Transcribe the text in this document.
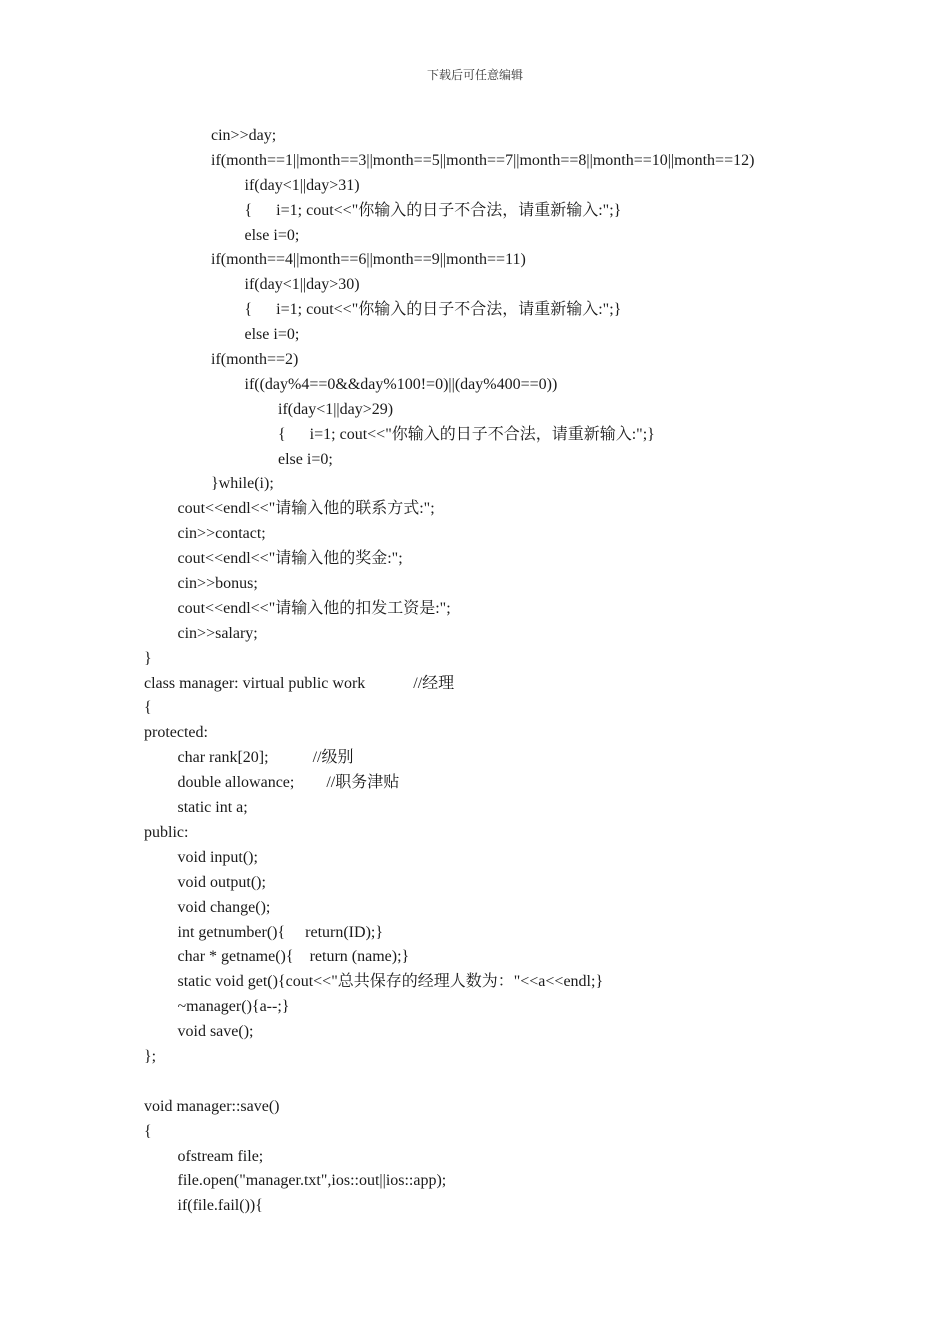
下载后可任意编辑
cin>>day;
if(month==1||month==3||month==5||month==7||month==8||month==10||month==12)
if(day<1||day>31)
{      i=1; cout<<"你输入的日子不合法，请重新输入:";}
else i=0;
if(month==4||month==6||month==9||month==11)
if(day<1||day>30)
{      i=1; cout<<"你输入的日子不合法，请重新输入:";}
else i=0;
if(month==2)
if((day%4==0&&day%100!=0)||(day%400==0))
if(day<1||day>29)
{      i=1; cout<<"你输入的日子不合法，请重新输入:";}
else i=0;
}while(i);
cout<<endl<<"请输入他的联系方式:";
cin>>contact;
cout<<endl<<"请输入他的奖金:";
cin>>bonus;
cout<<endl<<"请输入他的扣发工资是:";
cin>>salary;
}
class manager: virtual public work            //经理
{
protected:
char rank[20];           //级别
double allowance;        //职务津贴
static int a;
public:
void input();
void output();
void change();
int getnumber(){     return(ID);}
char * getname(){    return (name);}
static void get(){cout<<"总共保存的经理人数为："<<a<<endl;}
~manager(){a--;}
void save();
};
void manager::save()
{
ofstream file;
file.open("manager.txt",ios::out||ios::app);
if(file.fail()){
